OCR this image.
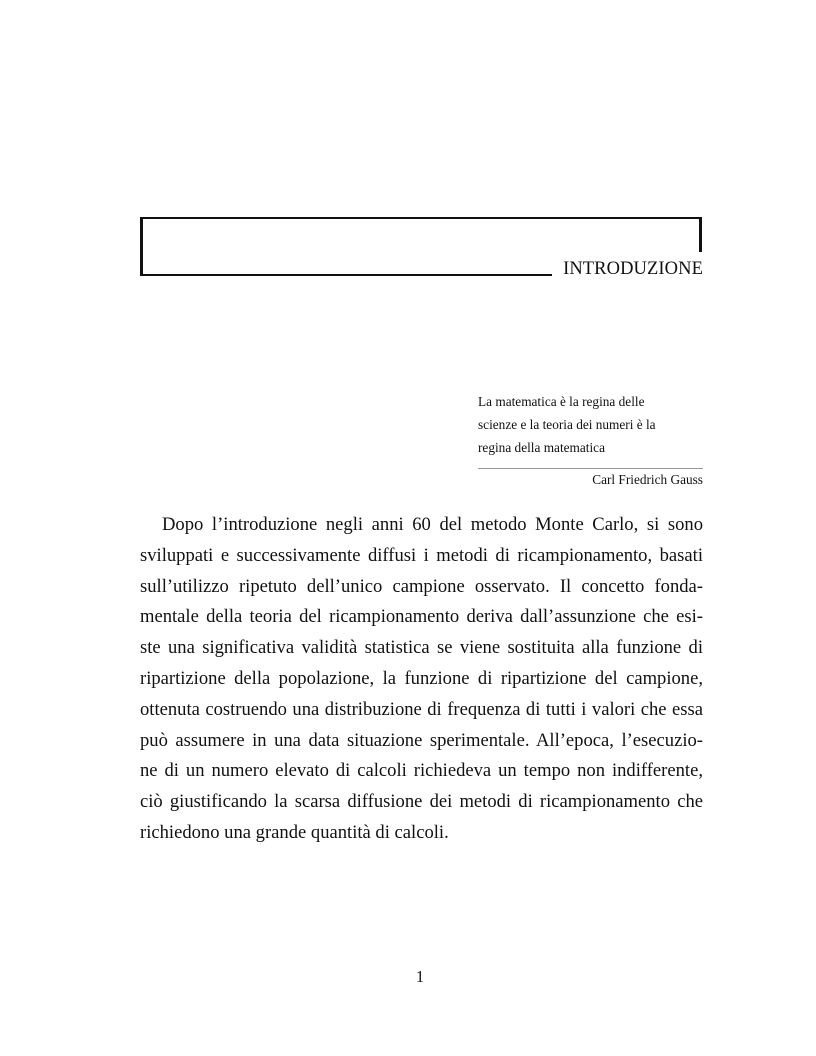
INTRODUZIONE
La matematica è la regina delle
scienze e la teoria dei numeri è la
regina della matematica
Carl Friedrich Gauss
Dopo l’introduzione negli anni 60 del metodo Monte Carlo, si sono
sviluppati e successivamente diffusi i metodi di ricampionamento, basati
sull’utilizzo ripetuto dell’unico campione osservato. Il concetto fonda-
mentale della teoria del ricampionamento deriva dall’assunzione che esi-
ste una significativa validità statistica se viene sostituita alla funzione di
ripartizione della popolazione, la funzione di ripartizione del campione,
ottenuta costruendo una distribuzione di frequenza di tutti i valori che essa
può assumere in una data situazione sperimentale. All’epoca, l’esecuzio-
ne di un numero elevato di calcoli richiedeva un tempo non indifferente,
ciò giustificando la scarsa diffusione dei metodi di ricampionamento che
richiedono una grande quantità di calcoli.
1
